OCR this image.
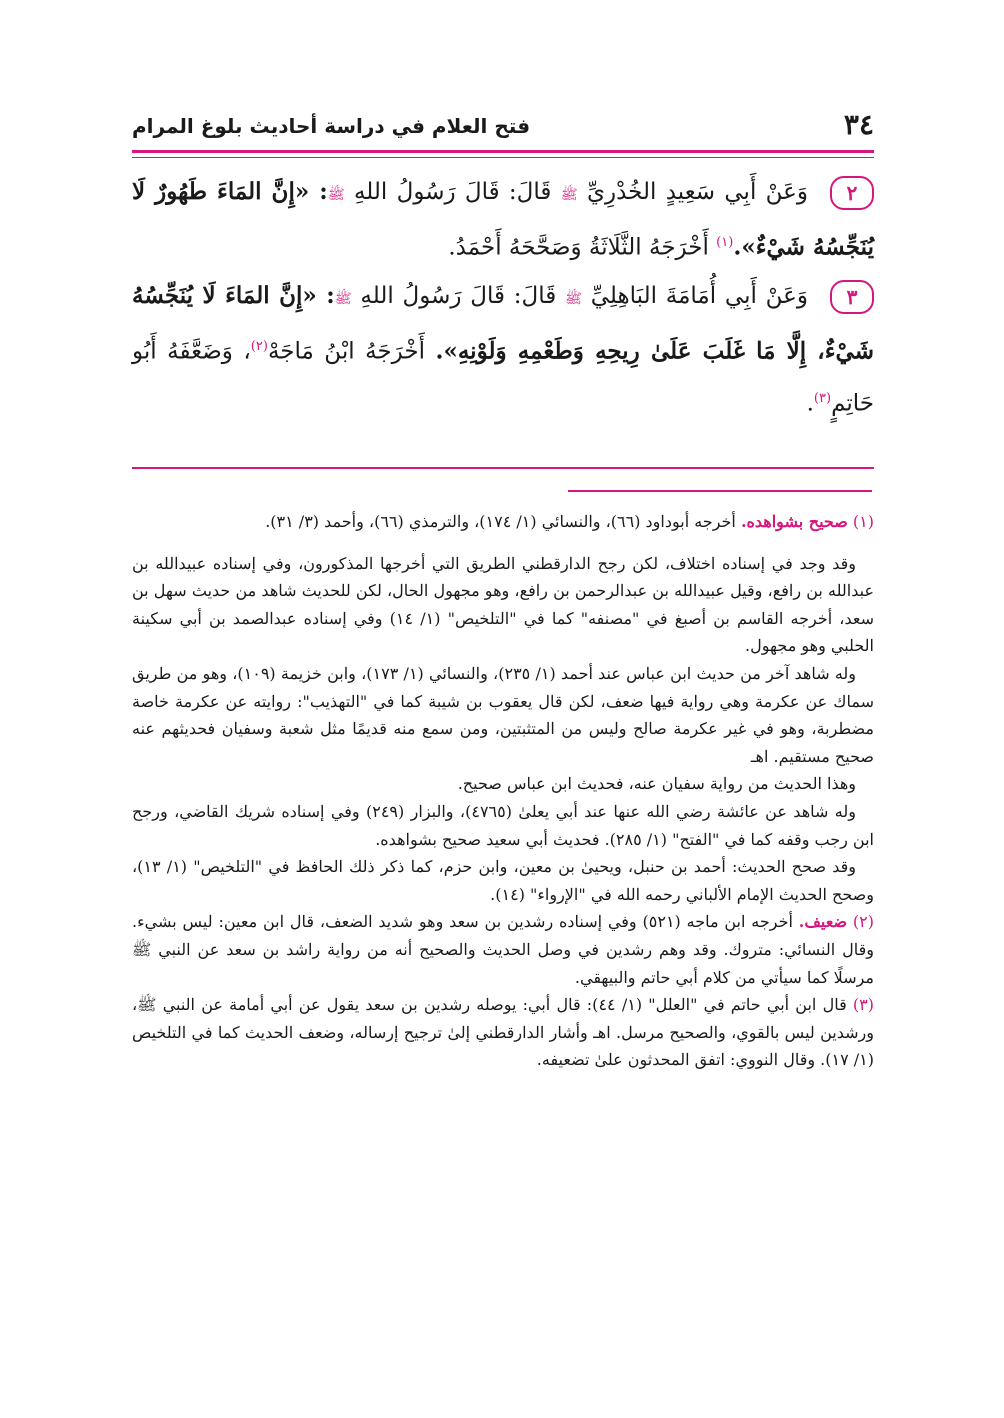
٣٤
فتح العلام في دراسة أحاديث بلوغ المرام

٢وَعَنْ أَبِي سَعِيدٍ الخُدْرِيِّ ﷺ قَالَ: قَالَ رَسُولُ اللهِ ﷺ: «إِنَّ المَاءَ طَهُورٌ لَا يُنَجِّسُهُ شَيْءٌ».$^{(١)}$ أَخْرَجَهُ الثَّلَاثَةُ وَصَحَّحَهُ أَحْمَدُ.

٣وَعَنْ أَبِي أُمَامَةَ البَاهِلِيِّ ﷺ قَالَ: قَالَ رَسُولُ اللهِ ﷺ: «إِنَّ المَاءَ لَا يُنَجِّسُهُ شَيْءٌ، إِلَّا مَا غَلَبَ عَلَىٰ رِيحِهِ وَطَعْمِهِ وَلَوْنِهِ». أَخْرَجَهُ ابْنُ مَاجَهْ$^{(٢)}$، وَضَعَّفَهُ أَبُو حَاتِمٍ$^{(٣)}$.

(١) صحيح بشواهده. أخرجه أبوداود (٦٦)، والنسائي (١/ ١٧٤)، والترمذي (٦٦)، وأحمد (٣/ ٣١).

وقد وجد في إسناده اختلاف، لكن رجح الدارقطني الطريق التي أخرجها المذكورون، وفي إسناده عبيدالله بن عبدالله بن رافع، وقيل عبيدالله بن عبدالرحمن بن رافع، وهو مجهول الحال، لكن للحديث شاهد من حديث سهل بن سعد، أخرجه القاسم بن أصبغ في "مصنفه" كما في "التلخيص" (١/ ١٤) وفي إسناده عبدالصمد بن أبي سكينة الحلبي وهو مجهول.

وله شاهد آخر من حديث ابن عباس عند أحمد (١/ ٢٣٥)، والنسائي (١/ ١٧٣)، وابن خزيمة (١٠٩)، وهو من طريق سماك عن عكرمة وهي رواية فيها ضعف، لكن قال يعقوب بن شيبة كما في "التهذيب": روايته عن عكرمة خاصة مضطربة، وهو في غير عكرمة صالح وليس من المتثبتين، ومن سمع منه قديمًا مثل شعبة وسفيان فحديثهم عنه صحيح مستقيم. اهـ

وهذا الحديث من رواية سفيان عنه، فحديث ابن عباس صحيح.

وله شاهد عن عائشة رضي الله عنها عند أبي يعلىٰ (٤٧٦٥)، والبزار (٢٤٩) وفي إسناده شريك القاضي، ورجح ابن رجب وقفه كما في "الفتح" (١/ ٢٨٥). فحديث أبي سعيد صحيح بشواهده.

وقد صحح الحديث: أحمد بن حنبل، ويحيىٰ بن معين، وابن حزم، كما ذكر ذلك الحافظ في "التلخيص" (١/ ١٣)، وصحح الحديث الإمام الألباني رحمه الله في "الإرواء" (١٤).

(٢) ضعيف. أخرجه ابن ماجه (٥٢١) وفي إسناده رشدين بن سعد وهو شديد الضعف، قال ابن معين: ليس بشيء. وقال النسائي: متروك. وقد وهم رشدين في وصل الحديث والصحيح أنه من رواية راشد بن سعد عن النبي ﷺ مرسلًا كما سيأتي من كلام أبي حاتم والبيهقي.

(٣) قال ابن أبي حاتم في "العلل" (١/ ٤٤): قال أبي: يوصله رشدين بن سعد يقول عن أبي أمامة عن النبي ﷺ، ورشدين ليس بالقوي، والصحيح مرسل. اهـ وأشار الدارقطني إلىٰ ترجيح إرساله، وضعف الحديث كما في التلخيص (١/ ١٧). وقال النووي: اتفق المحدثون علىٰ تضعيفه.
